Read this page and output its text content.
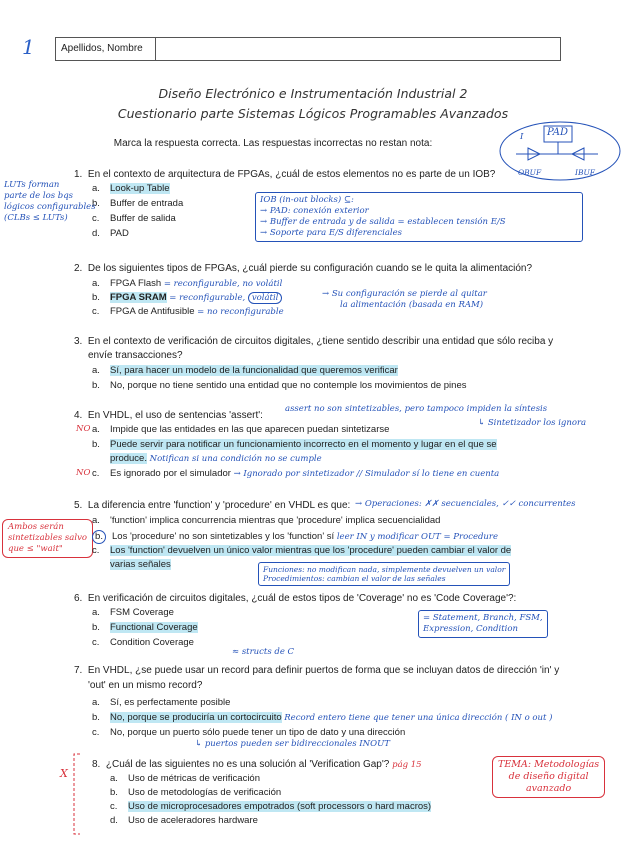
1	Apellidos, Nombre
Diseño Electrónico e Instrumentación Industrial 2
Cuestionario parte Sistemas Lógicos Programables Avanzados
Marca la respuesta correcta. Las respuestas incorrectas no restan nota:
PAD
I
OBUF	IBUF
1. En el contexto de arquitectura de FPGAs, ¿cuál de estos elementos no es parte de un IOB?
a. Look-up Table
b. Buffer de entrada
c. Buffer de salida
d. PAD
LUTs forman
parte de los bqs
lógicos configurables
(CLBs ≤ LUTs)
IOB (in-out blocks) ⊆:
→ PAD: conexión exterior
→ Buffer de entrada y de salida = establecen tensión E/S
→ Soporte para E/S diferenciales
2. De los siguientes tipos de FPGAs, ¿cuál pierde su configuración cuando se le quita la alimentación?
a. FPGA Flash = reconfigurable, no volátil
b. FPGA SRAM = reconfigurable, volátil
c. FPGA de Antifusible = no reconfigurable
→ Su configuración se pierde al quitar
la alimentación (basada en RAM)
3. En el contexto de verificación de circuitos digitales, ¿tiene sentido describir una entidad que sólo reciba y
envíe transacciones?
a. Sí, para hacer un modelo de la funcionalidad que queremos verificar
b. No, porque no tiene sentido una entidad que no contemple los movimientos de pines
4. En VHDL, el uso de sentencias 'assert':
assert no son sintetizables, pero tampoco impiden la síntesis
↳ Sintetizador los ignora
NO a. Impide que las entidades en las que aparecen puedan sintetizarse
b. Puede servir para notificar un funcionamiento incorrecto en el momento y lugar en el que se
produce. Notifican si una condición no se cumple
NO c. Es ignorado por el simulador → Ignorado por sintetizador // Simulador sí lo tiene en cuenta
5. La diferencia entre 'function' y 'procedure' en VHDL es que: → Operaciones: ✗✗ secuenciales, ✓✓ concurrentes
Ambos serán
sintetizables salvo
que ≤ "wait"
a. 'function' implica concurrencia mientras que 'procedure' implica secuencialidad
b. Los 'procedure' no son sintetizables y los 'function' sí leer IN y modificar OUT = Procedure
c. Los 'function' devuelven un único valor mientras que los 'procedure' pueden cambiar el valor de
varias señales	Funciones: no modifican nada, simplemente devuelven un valor
Procedimientos: cambian el valor de las señales
6. En verificación de circuitos digitales, ¿cuál de estos tipos de 'Coverage' no es 'Code Coverage'?:
a. FSM Coverage
b. Functional Coverage
c. Condition Coverage
= Statement, Branch, FSM,
Expression, Condition
≈ structs de C
7. En VHDL, ¿se puede usar un record para definir puertos de forma que se incluyan datos de dirección 'in' y
'out' en un mismo record?
a. Sí, es perfectamente posible
b. No, porque se produciría un cortocircuito Record entero tiene que tener una única dirección ( IN o out )
c. No, porque un puerto sólo puede tener un tipo de dato y una dirección
↳ puertos pueden ser bidireccionales INOUT
X
8. ¿Cuál de las siguientes no es una solución al 'Verification Gap'? pág 15
a. Uso de métricas de verificación
b. Uso de metodologías de verificación
c. Uso de microprocesadores empotrados (soft processors o hard macros)
d. Uso de aceleradores hardware
TEMA: Metodologías
de diseño digital
avanzado
